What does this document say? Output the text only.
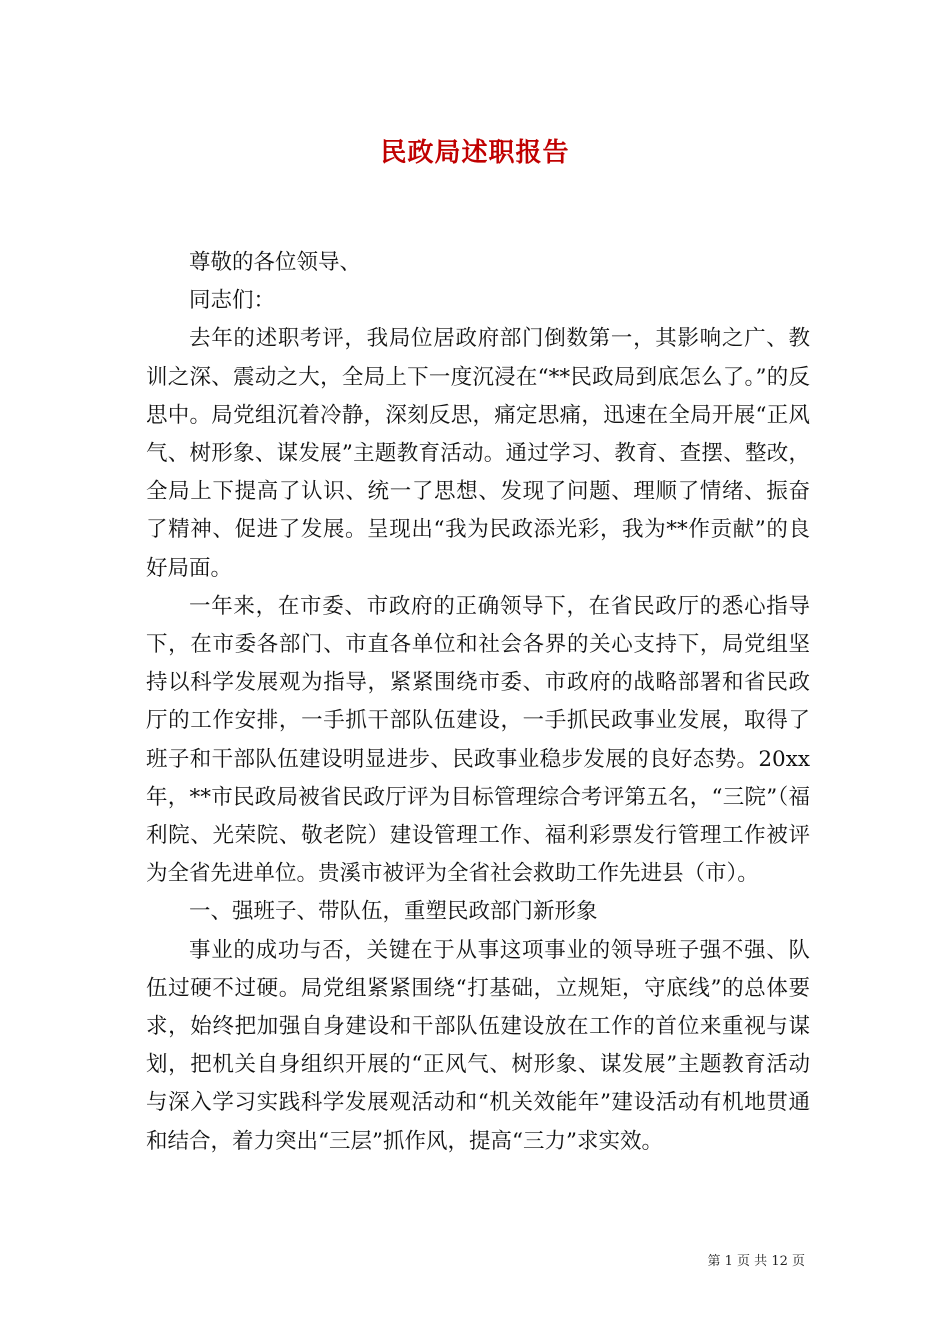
民政局述职报告

尊敬的各位领导、

同志们：

去年的述职考评，我局位居政府部门倒数第一，其影响之广、教训之深、震动之大，全局上下一度沉浸在“**民政局到底怎么了。”的反思中。局党组沉着冷静，深刻反思，痛定思痛，迅速在全局开展“正风气、树形象、谋发展”主题教育活动。通过学习、教育、查摆、整改，全局上下提高了认识、统一了思想、发现了问题、理顺了情绪、振奋了精神、促进了发展。呈现出“我为民政添光彩，我为**作贡献”的良好局面。

一年来，在市委、市政府的正确领导下，在省民政厅的悉心指导下，在市委各部门、市直各单位和社会各界的关心支持下，局党组坚持以科学发展观为指导，紧紧围绕市委、市政府的战略部署和省民政厅的工作安排，一手抓干部队伍建设，一手抓民政事业发展，取得了班子和干部队伍建设明显进步、民政事业稳步发展的良好态势。20xx年，**市民政局被省民政厅评为目标管理综合考评第五名，“三院”（福利院、光荣院、敬老院）建设管理工作、福利彩票发行管理工作被评为全省先进单位。贵溪市被评为全省社会救助工作先进县（市）。

一、强班子、带队伍，重塑民政部门新形象

事业的成功与否，关键在于从事这项事业的领导班子强不强、队伍过硬不过硬。局党组紧紧围绕“打基础，立规矩，守底线”的总体要求，始终把加强自身建设和干部队伍建设放在工作的首位来重视与谋划，把机关自身组织开展的“正风气、树形象、谋发展”主题教育活动与深入学习实践科学发展观活动和“机关效能年”建设活动有机地贯通和结合，着力突出“三层”抓作风，提高“三力”求实效。

第 1 页 共 12 页
